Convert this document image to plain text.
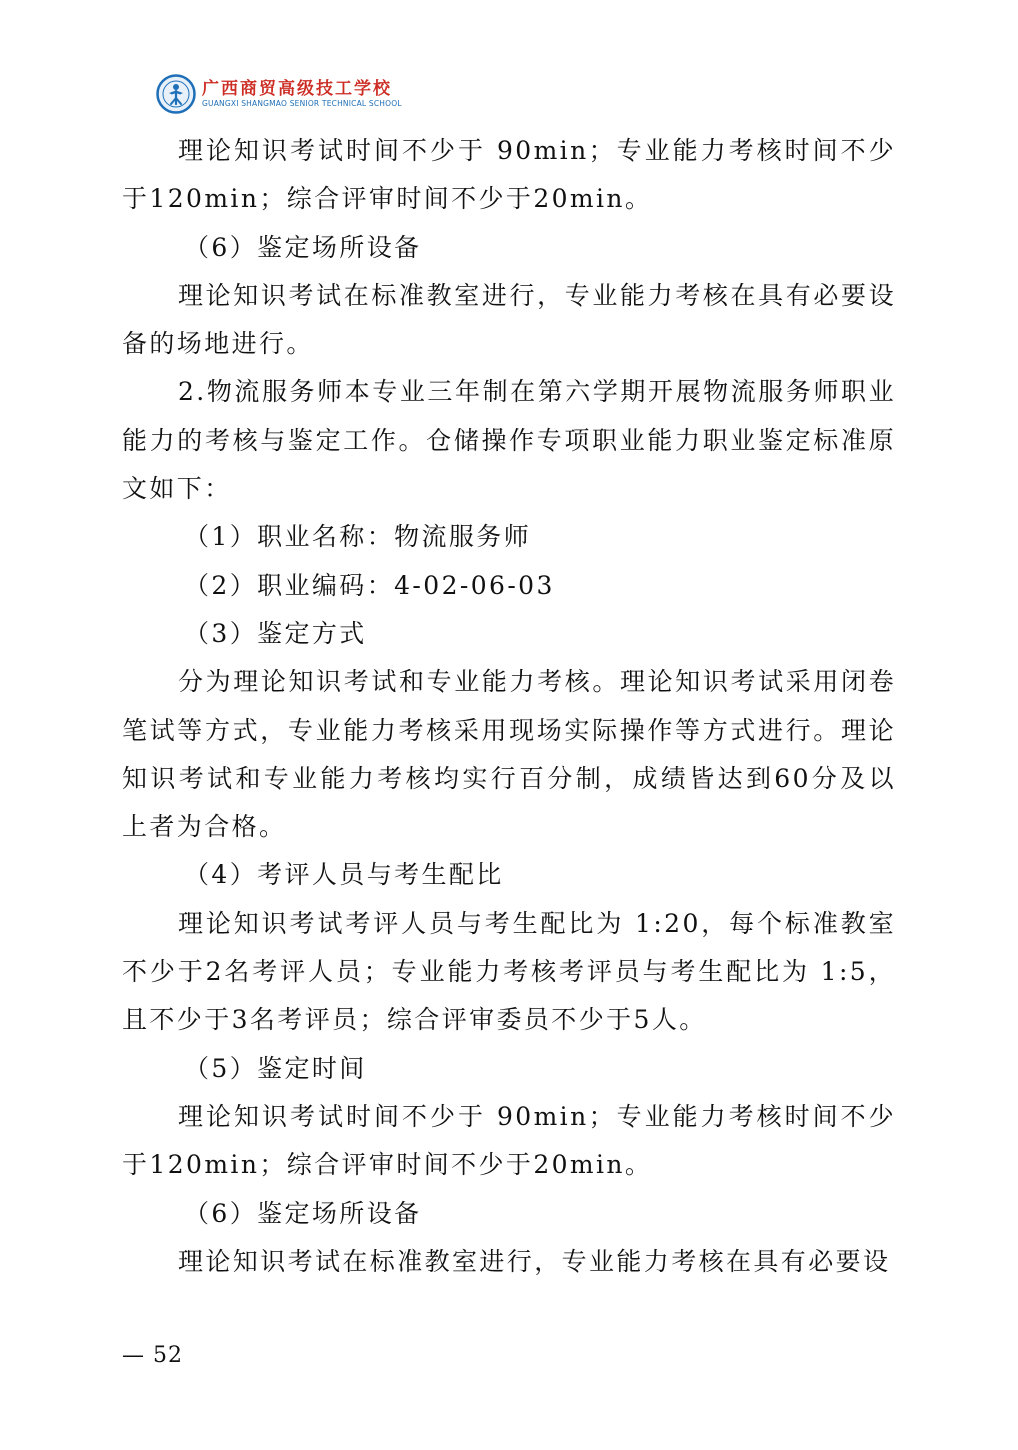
广西商贸高级技工学校
GUANGXI SHANGMAO SENIOR TECHNICAL SCHOOL

理论知识考试时间不少于 90min；专业能力考核时间不少于120min；综合评审时间不少于20min。

（6）鉴定场所设备

理论知识考试在标准教室进行，专业能力考核在具有必要设备的场地进行。

2.物流服务师本专业三年制在第六学期开展物流服务师职业能力的考核与鉴定工作。仓储操作专项职业能力职业鉴定标准原文如下：

（1）职业名称：物流服务师

（2）职业编码：4-02-06-03

（3）鉴定方式

分为理论知识考试和专业能力考核。理论知识考试采用闭卷笔试等方式，专业能力考核采用现场实际操作等方式进行。理论知识考试和专业能力考核均实行百分制，成绩皆达到60分及以上者为合格。

（4）考评人员与考生配比

理论知识考试考评人员与考生配比为 1:20，每个标准教室不少于2名考评人员；专业能力考核考评员与考生配比为 1:5，且不少于3名考评员；综合评审委员不少于5人。

（5）鉴定时间

理论知识考试时间不少于 90min；专业能力考核时间不少于120min；综合评审时间不少于20min。

（6）鉴定场所设备

理论知识考试在标准教室进行，专业能力考核在具有必要设

— 52
